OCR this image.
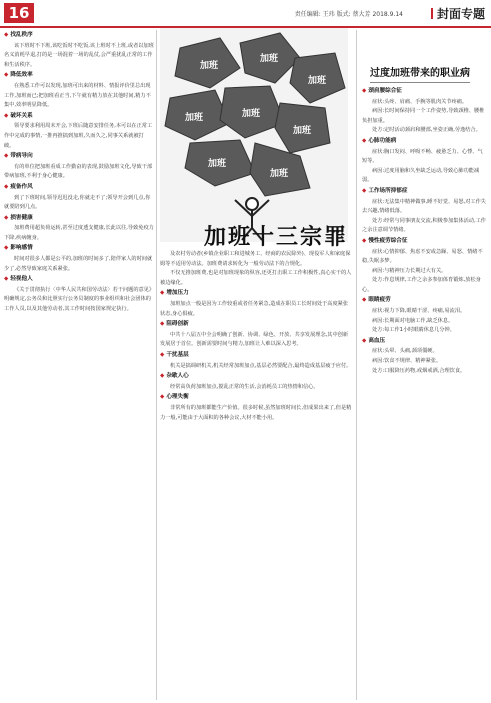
16	责任编辑: 王玮 版式: 蔡大芳 2018.9.14	封面专题
◆ 找乱秩序

该下班时不下班,该吃饭时不吃饭,该上班时不上班,或者以加班名义消耗早退,打的是一场混着一场的乱仗,会严重扰乱正常的工作和生活秩序。

◆ 降低效率

在熟悉工作可以发现,加班可出来的材料、情报评价里总出现工作,加班而已;把加班看正当,下午就有精力放在其他时间,精力不集中,效率明显降低。

◆ 破坏关系

领导要求利用周末开会,下班后随意安排任务,本可以在正常工作中完成的事情,一推再推搞到加班,久而久之,同事关系就被打破。

◆ 带病导向

有的单位把加班看成工作勤奋的表现,鼓励加班文化,导致干部带病加班,不利于身心健康。

◆ 疲备作风

到了下班时间,领导迟迟没走,你就走不了;领导开会到几点,你就要陪到几点。

◆ 损害健康

加班费用超负荷运转,甚至过度透支健康,长此以往,导致免疫力下降,疾病缠身。

◆ 影响感情

时间对很多人都是公平的,加班的时间多了,陪伴家人的时间就少了,必然导致家庭关系紧张。

◆ 轻视他人

《关于贯彻执行〈中华人民共和国劳动法〉若干问题的意见》明确规定,公务员和比照实行公务员制度的事业组织和社会团体的工作人员,以及其他劳动者,其工作时间按国家规定执行。

加班
加班
加班
加班	加班
加班
加班
加班
加班十三宗罪

及农村劳动者(乡镇企业职工和进城务工、经商的农民除外)、现役军人和家庭保姆等不适用劳动法。加班费请求转化为一般劳动法下的合规化。

不仅无推加班费,也是对加班现象的纵容,还更打击职工工作积极性,真心实干的人被边缘化。

◆ 增加压力

加班加点一般是因为工作较重或者任务紧急,造成在职员工长时间处于高度紧张状态,身心俱疲。

◆ 阻碍创新

中共十八届五中全会明确了创新、协调、绿色、开放、共享发展理念,其中创新发展居于首位。创新需要时间与精力,加班让人难以深入思考。

◆ 干扰基层

机关是搞调研机关,机关经常加班加点,基层必然要配合,最终造成基层疲于应付。

◆ 杂歇人心

经常高负荷加班加点,搅乱正常的生活,会消耗员工的热情和信心。

◆ 心理失衡

非常所有的加班都能生产价值。很多时候,虽然加班时间长,但成果出来了,但是精力一般,可能由于大面积的各种会议,大材不能小用。

过度加班带来的职业病
◆ 颈肩腰综合征

症状:头疼、肩痛、手腕等肌肉关节疼痛。

病因:长时间保持同一个工作姿势,导致颈椎、腰椎负担加重。

处方:定时活动颈肩和腰部,坐姿正确,劳逸结合。

◆ 心肺功能病

症状:胸口发闷、呼吸不畅、疲惫乏力、心悸、气短等。

病因:过度用脑和久坐缺乏运动,导致心肺功能减弱。

◆ 工作场所抑郁症

症状:无法集中精神做事,睡不好觉、易怒,对工作失去兴趣,情绪低落。

处方:经常与同事朋友交流,积极参加集体活动,工作之余注意调节情绪。

◆ 慢性疲劳综合征

症状:心情抑郁、焦虑不安或急躁、易怒、情绪不稳,失眠多梦。

病因:与精神压力长期过大有关。

处方:作息规律,工作之余多参加体育锻炼,放松身心。

◆ 眼睛疲劳

症状:视力下降,眼睛干涩、疼痛,易流泪。

病因:长期面对电脑工作,缺乏休息。

处方:每工作1小时眼睛休息几分钟。

◆ 高血压

症状:头晕、头痛,颈项僵硬。

病因:饮食不规律、精神紧张。

处方:口服降压药物,戒烟戒酒,合理饮食。
